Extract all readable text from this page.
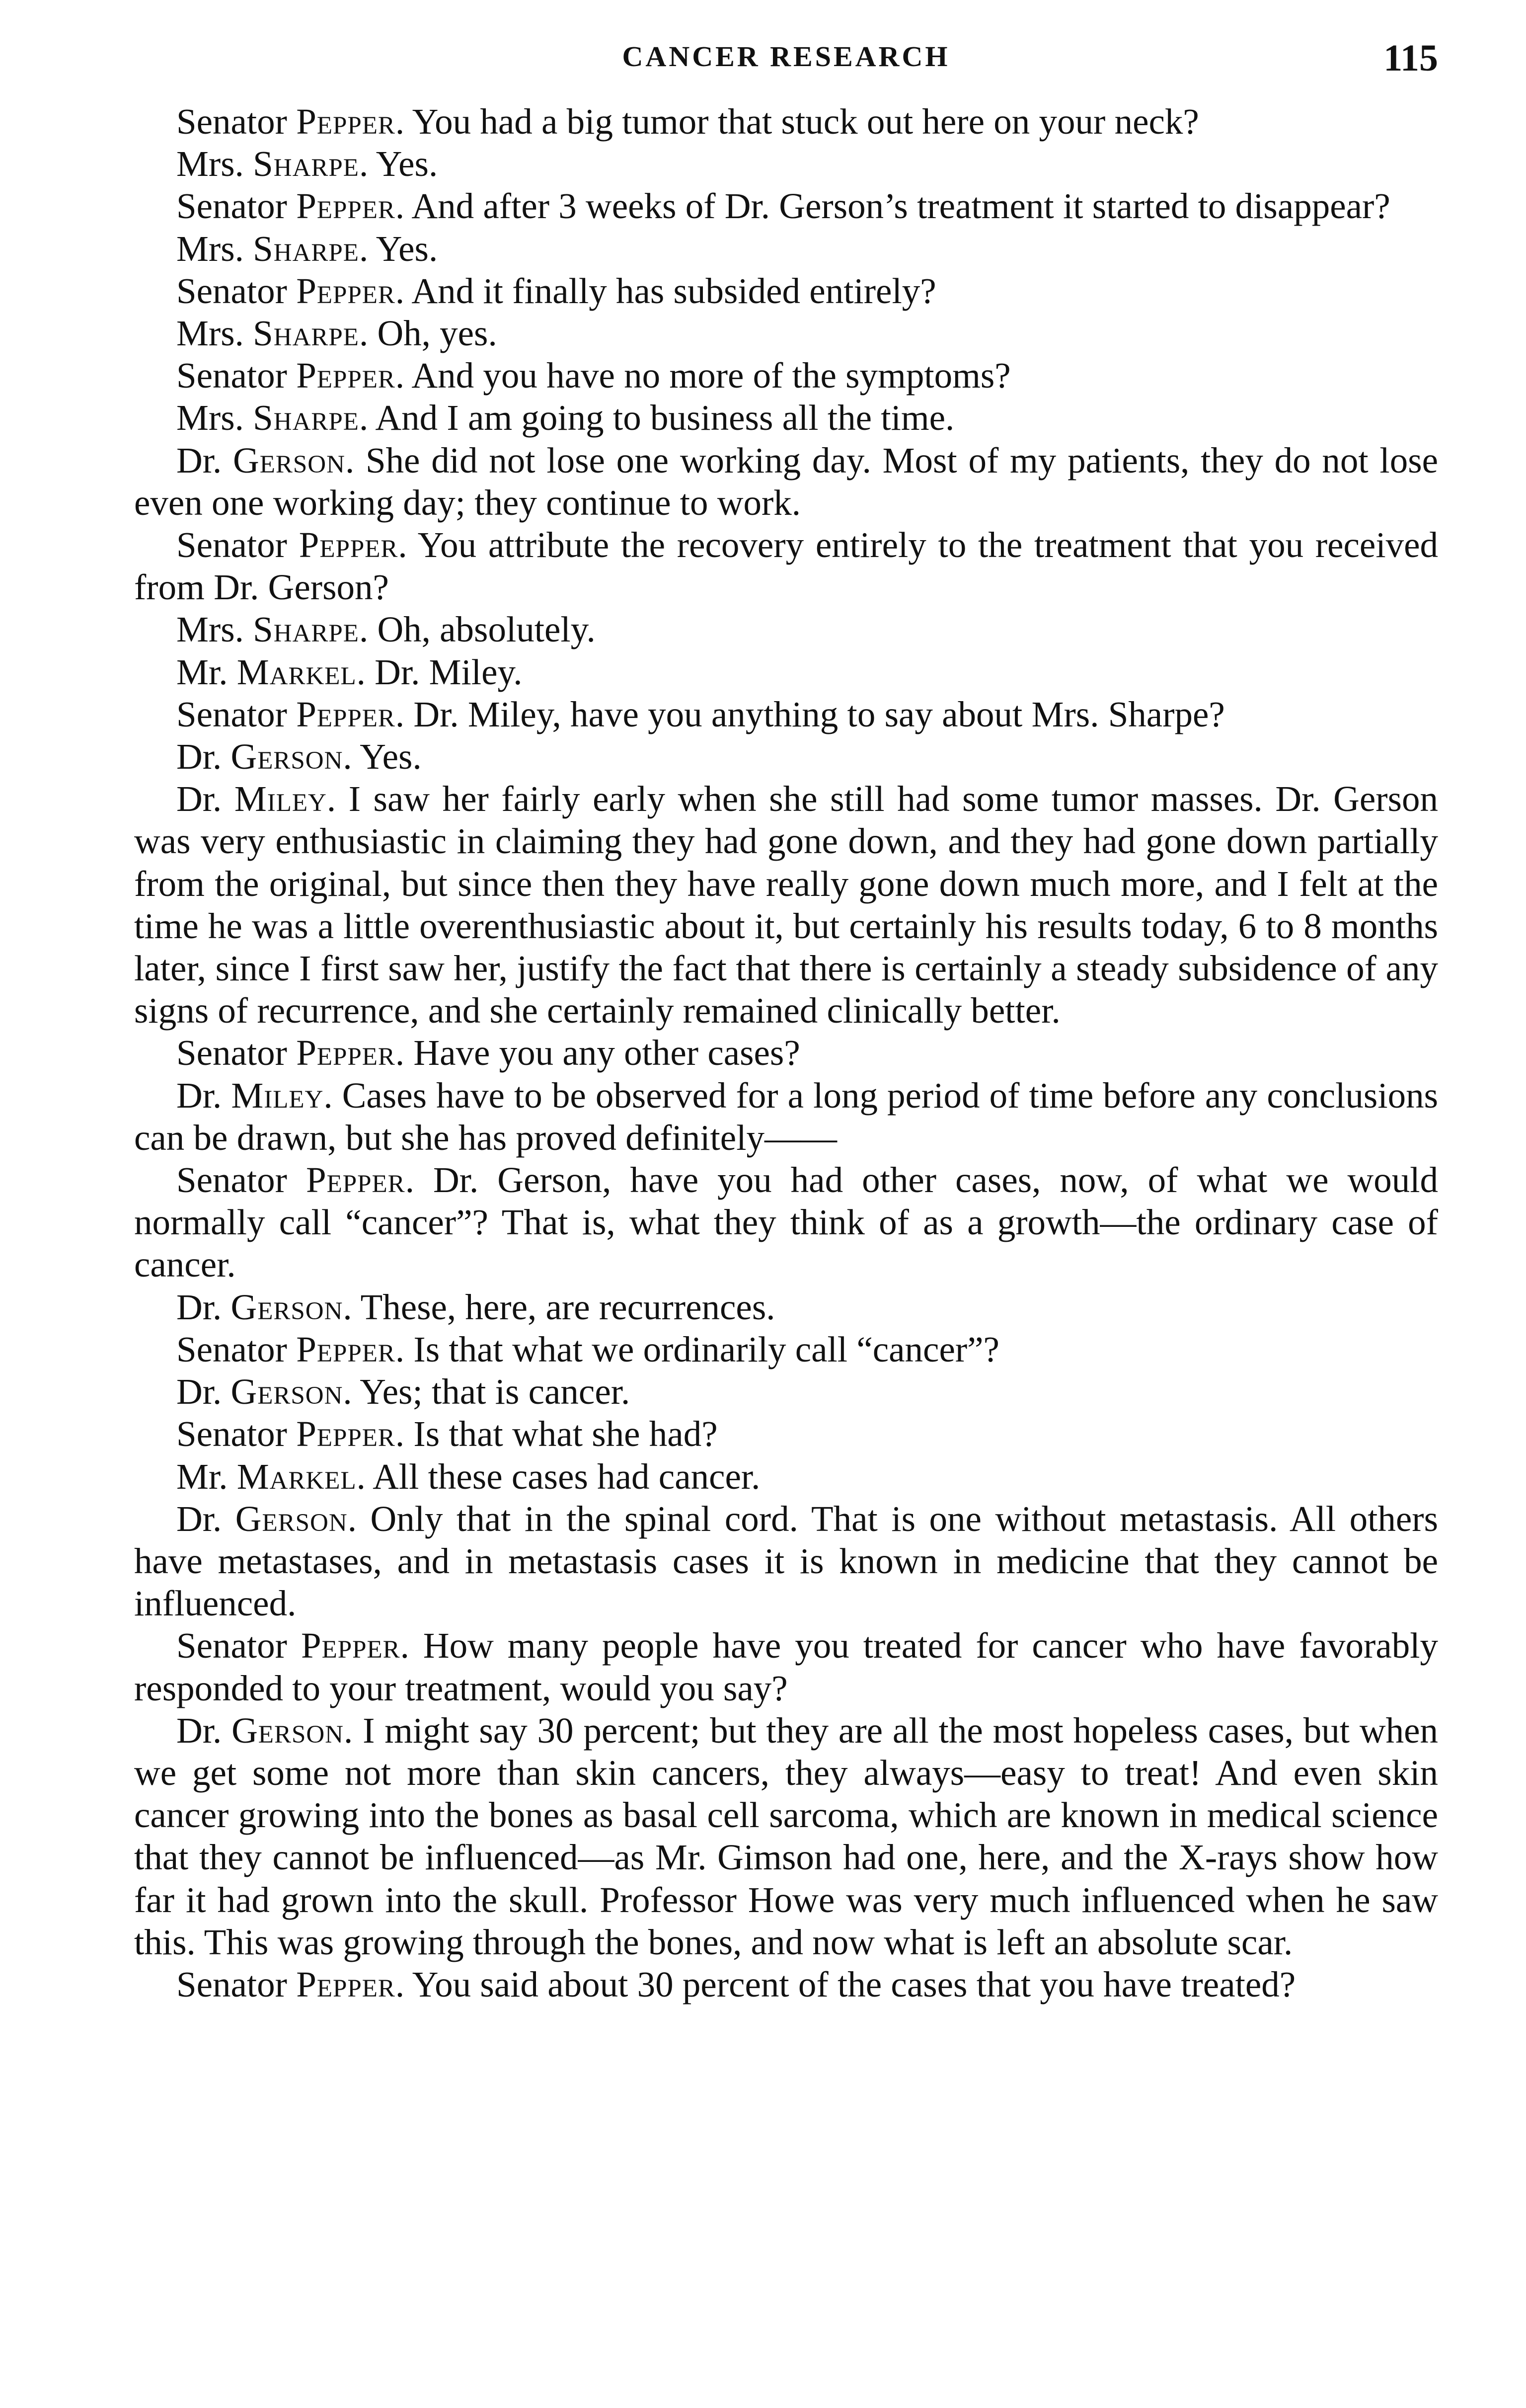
CANCER RESEARCH	115

Senator Pepper. You had a big tumor that stuck out here on your neck?

Mrs. Sharpe. Yes.

Senator Pepper. And after 3 weeks of Dr. Gerson’s treatment it started to disappear?

Mrs. Sharpe. Yes.

Senator Pepper. And it finally has subsided entirely?

Mrs. Sharpe. Oh, yes.

Senator Pepper. And you have no more of the symptoms?

Mrs. Sharpe. And I am going to business all the time.

Dr. Gerson. She did not lose one working day. Most of my patients, they do not lose even one working day; they continue to work.

Senator Pepper. You attribute the recovery entirely to the treatment that you received from Dr. Gerson?

Mrs. Sharpe. Oh, absolutely.

Mr. Markel. Dr. Miley.

Senator Pepper. Dr. Miley, have you anything to say about Mrs. Sharpe?

Dr. Gerson. Yes.

Dr. Miley. I saw her fairly early when she still had some tumor masses. Dr. Gerson was very enthusiastic in claiming they had gone down, and they had gone down partially from the original, but since then they have really gone down much more, and I felt at the time he was a little overenthusiastic about it, but certainly his results today, 6 to 8 months later, since I first saw her, justify the fact that there is certainly a steady subsidence of any signs of recurrence, and she certainly remained clinically better.

Senator Pepper. Have you any other cases?

Dr. Miley. Cases have to be observed for a long period of time before any conclusions can be drawn, but she has proved definitely——

Senator Pepper. Dr. Gerson, have you had other cases, now, of what we would normally call “cancer”? That is, what they think of as a growth—the ordinary case of cancer.

Dr. Gerson. These, here, are recurrences.

Senator Pepper. Is that what we ordinarily call “cancer”?

Dr. Gerson. Yes; that is cancer.

Senator Pepper. Is that what she had?

Mr. Markel. All these cases had cancer.

Dr. Gerson. Only that in the spinal cord. That is one without metastasis. All others have metastases, and in metastasis cases it is known in medicine that they cannot be influenced.

Senator Pepper. How many people have you treated for cancer who have favorably responded to your treatment, would you say?

Dr. Gerson. I might say 30 percent; but they are all the most hopeless cases, but when we get some not more than skin cancers, they always—easy to treat! And even skin cancer growing into the bones as basal cell sarcoma, which are known in medical science that they cannot be influenced—as Mr. Gimson had one, here, and the X-rays show how far it had grown into the skull. Professor Howe was very much influenced when he saw this. This was growing through the bones, and now what is left an absolute scar.

Senator Pepper. You said about 30 percent of the cases that you have treated?
